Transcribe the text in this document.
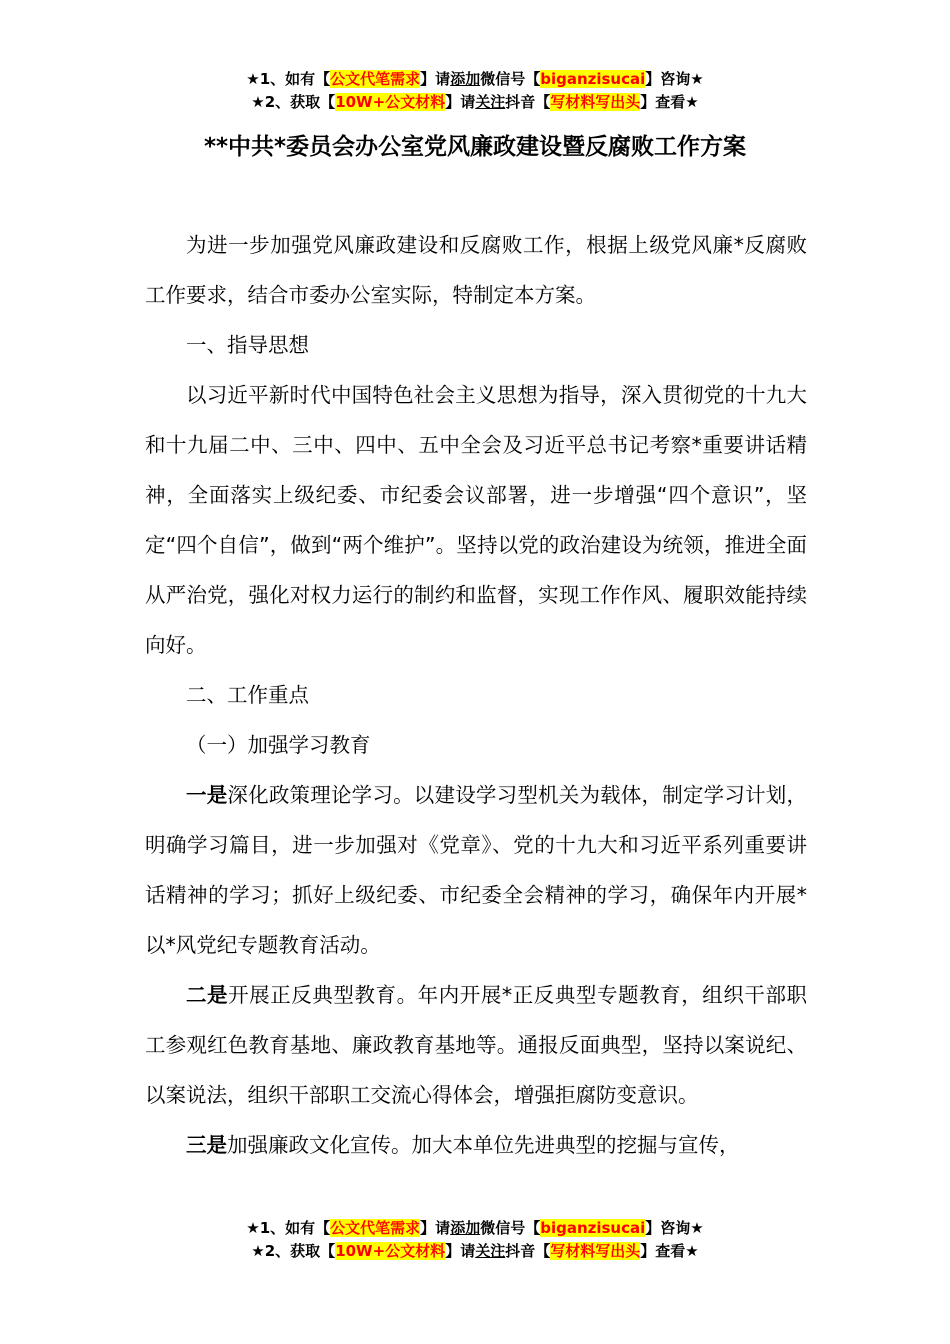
★1、如有【公文代笔需求】请添加微信号【biganzisucai】咨询★
★2、获取【10W+公文材料】请关注抖音【写材料写出头】查看★
**中共*委员会办公室党风廉政建设暨反腐败工作方案

为进一步加强党风廉政建设和反腐败工作，根据上级党风廉*反腐败工作要求，结合市委办公室实际，特制定本方案。

一、指导思想

以习近平新时代中国特色社会主义思想为指导，深入贯彻党的十九大和十九届二中、三中、四中、五中全会及习近平总书记考察*重要讲话精神，全面落实上级纪委、市纪委会议部署，进一步增强“四个意识”，坚定“四个自信”，做到“两个维护”。坚持以党的政治建设为统领，推进全面从严治党，强化对权力运行的制约和监督，实现工作作风、履职效能持续向好。

二、工作重点

（一）加强学习教育

一是深化政策理论学习。以建设学习型机关为载体，制定学习计划，明确学习篇目，进一步加强对《党章》、党的十九大和习近平系列重要讲话精神的学习；抓好上级纪委、市纪委全会精神的学习，确保年内开展*以*风党纪专题教育活动。

二是开展正反典型教育。年内开展*正反典型专题教育，组织干部职工参观红色教育基地、廉政教育基地等。通报反面典型，坚持以案说纪、以案说法，组织干部职工交流心得体会，增强拒腐防变意识。

三是加强廉政文化宣传。加大本单位先进典型的挖掘与宣传，

★1、如有【公文代笔需求】请添加微信号【biganzisucai】咨询★
★2、获取【10W+公文材料】请关注抖音【写材料写出头】查看★
